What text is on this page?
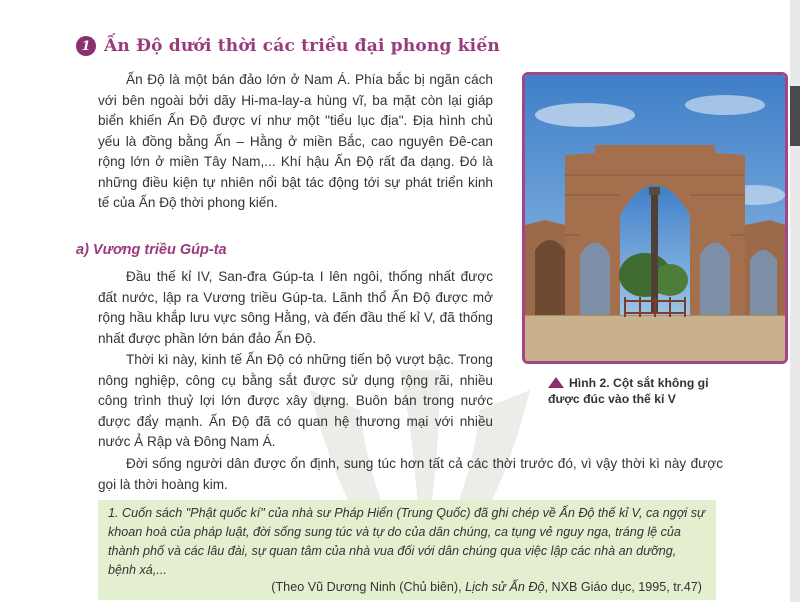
1 Ấn Độ dưới thời các triều đại phong kiến
Ấn Độ là một bán đảo lớn ở Nam Á. Phía bắc bị ngăn cách với bên ngoài bởi dãy Hi-ma-lay-a hùng vĩ, ba mặt còn lại giáp biển khiến Ấn Độ được ví như một "tiểu lục địa". Địa hình chủ yếu là đồng bằng Ấn – Hằng ở miền Bắc, cao nguyên Đê-can rộng lớn ở miền Tây Nam,... Khí hậu Ấn Độ rất đa dạng. Đó là những điều kiện tự nhiên nổi bật tác động tới sự phát triển kinh tế của Ấn Độ thời phong kiến.
Hình 2. Cột sắt không gỉ
được đúc vào thế kỉ V
a) Vương triều Gúp-ta
Đầu thế kỉ IV, San-đra Gúp-ta I lên ngôi, thống nhất được đất nước, lập ra Vương triều Gúp-ta. Lãnh thổ Ấn Độ được mở rộng hầu khắp lưu vực sông Hằng, và đến đầu thế kỉ V, đã thống nhất được phần lớn bán đảo Ấn Độ.
Thời kì này, kinh tế Ấn Độ có những tiến bộ vượt bậc. Trong nông nghiệp, công cụ bằng sắt được sử dụng rộng rãi, nhiều công trình thuỷ lợi lớn được xây dựng. Buôn bán trong nước được đẩy mạnh. Ấn Độ đã có quan hệ thương mại với nhiều nước Ả Rập và Đông Nam Á.
Đời sống người dân được ổn định, sung túc hơn tất cả các thời trước đó, vì vậy thời kì này được gọi là thời hoàng kim.
1. Cuốn sách "Phật quốc kí" của nhà sư Pháp Hiển (Trung Quốc) đã ghi chép về Ấn Độ thế kỉ V, ca ngợi sự khoan hoà của pháp luật, đời sống sung túc và tự do của dân chúng, ca tụng vẻ nguy nga, tráng lệ của thành phố và các lâu đài, sự quan tâm của nhà vua đối với dân chúng qua việc lập các nhà an dưỡng, bệnh xá,...
(Theo Vũ Dương Ninh (Chủ biên), Lịch sử Ấn Độ, NXB Giáo dục, 1995, tr.47)
